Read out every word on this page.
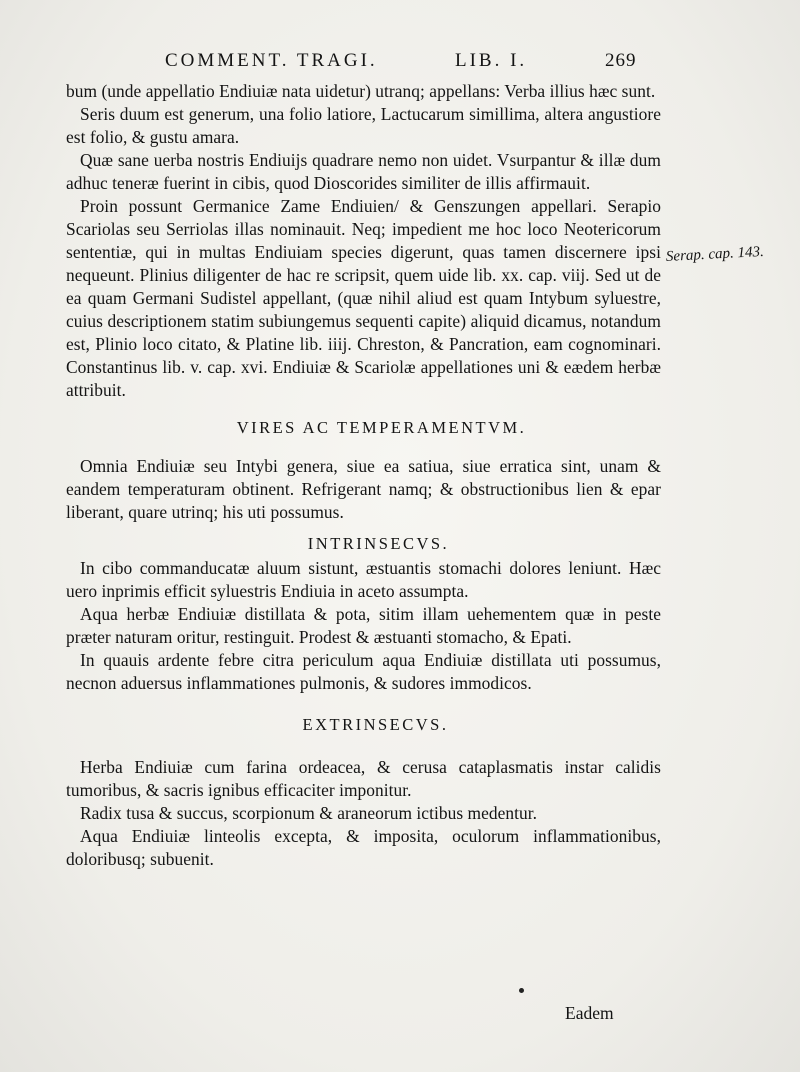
COMMENT. TRAGI.	LIB. I.	269
Serap. cap. 143.

bum (unde appellatio Endiuiæ nata uidetur) utranq; appellans: Verba illius hæc sunt.

Seris duum est generum, una folio latiore, Lactucarum simillima, altera angustiore est folio, & gustu amara.

Quæ sane uerba nostris Endiuijs quadrare nemo non uidet. Vsurpantur & illæ dum adhuc teneræ fuerint in cibis, quod Dioscorides similiter de illis affirmauit.

Proin possunt Germanice Zame Endiuien/ & Genszungen appellari. Serapio Scariolas seu Serriolas illas nominauit. Neq; impedient me hoc loco Neotericorum sententiæ, qui in multas Endiuiam species digerunt, quas tamen discernere ipsi nequeunt. Plinius diligenter de hac re scripsit, quem uide lib. xx. cap. viij. Sed ut de ea quam Germani Sudistel appellant, (quæ nihil aliud est quam Intybum syluestre, cuius descriptionem statim subiungemus sequenti capite) aliquid dicamus, notandum est, Plinio loco citato, & Platine lib. iiij. Chreston, & Pancration, eam cognominari. Constantinus lib. v. cap. xvi. Endiuiæ & Scariolæ appellationes uni & eædem herbæ attribuit.

VIRES AC TEMPERAMENTVM.

Omnia Endiuiæ seu Intybi genera, siue ea satiua, siue erratica sint, unam & eandem temperaturam obtinent. Refrigerant namq; & obstructionibus lien & epar liberant, quare utrinq; his uti possumus.

INTRINSECVS.

In cibo commanducatæ aluum sistunt, æstuantis stomachi dolores leniunt. Hæc uero inprimis efficit syluestris Endiuia in aceto assumpta.

Aqua herbæ Endiuiæ distillata & pota, sitim illam uehementem quæ in peste præter naturam oritur, restinguit. Prodest & æstuanti stomacho, & Epati.

In quauis ardente febre citra periculum aqua Endiuiæ distillata uti possumus, necnon aduersus inflammationes pulmonis, & sudores immodicos.

EXTRINSECVS.

Herba Endiuiæ cum farina ordeacea, & cerusa cataplasmatis instar calidis tumoribus, & sacris ignibus efficaciter imponitur.

Radix tusa & succus, scorpionum & araneorum ictibus medentur.

Aqua Endiuiæ linteolis excepta, & imposita, oculorum inflammationibus, doloribusq; subuenit.

Eadem
